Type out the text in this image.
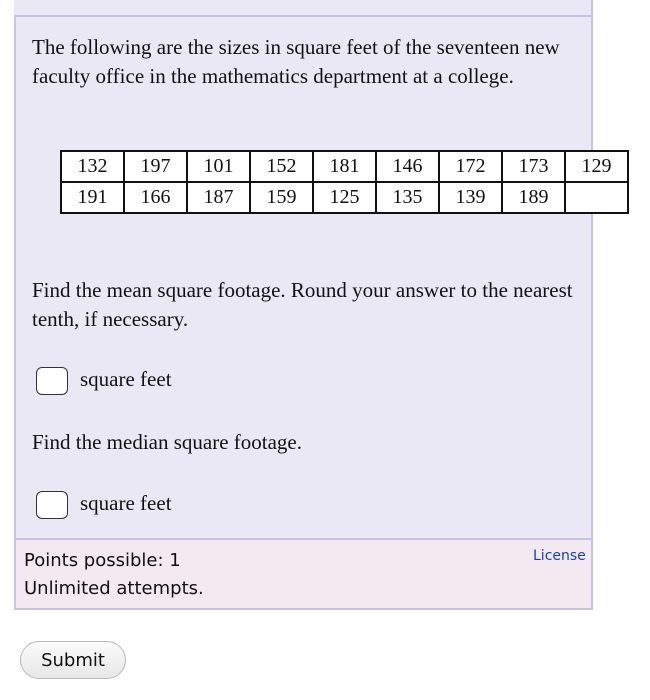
The following are the sizes in square feet of the seventeen new faculty office in the mathematics department at a college.
132	197	101	152	181	146	172	173	129
191	166	187	159	125	135	139	189	
Find the mean square footage. Round your answer to the nearest tenth, if necessary.
square feet
Find the median square footage.
square feet
Points possible: 1
Unlimited attempts.
License
Submit
